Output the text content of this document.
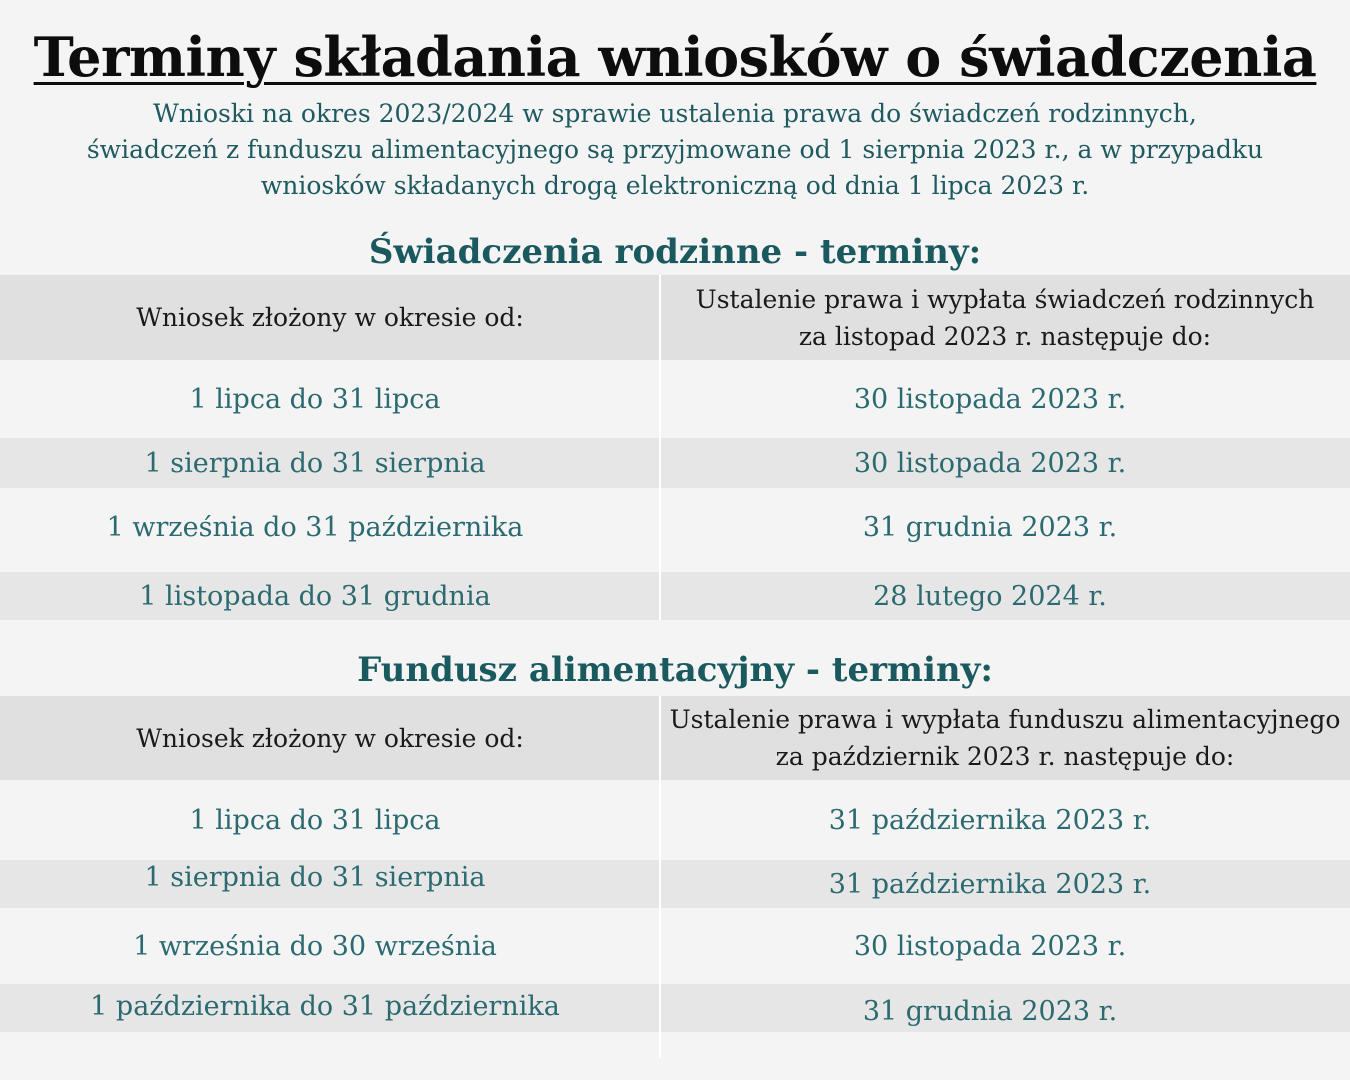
Terminy składania wniosków o świadczenia
Wnioski na okres 2023/2024 w sprawie ustalenia prawa do świadczeń rodzinnych,
świadczeń z funduszu alimentacyjnego są przyjmowane od 1 sierpnia 2023 r., a w przypadku
wniosków składanych drogą elektroniczną od dnia 1 lipca 2023 r.
Świadczenia rodzinne - terminy:
Wniosek złożony w okresie od:
Ustalenie prawa i wypłata świadczeń rodzinnych
za listopad 2023 r. następuje do:
1 lipca do 31 lipca	30 listopada 2023 r.
1 sierpnia do 31 sierpnia	30 listopada 2023 r.
1 września do 31 października	31 grudnia 2023 r.
1 listopada do 31 grudnia	28 lutego 2024 r.
Fundusz alimentacyjny - terminy:
Wniosek złożony w okresie od:
Ustalenie prawa i wypłata funduszu alimentacyjnego
za październik 2023 r. następuje do:
1 lipca do 31 lipca	31 października 2023 r.
1 sierpnia do 31 sierpnia	31 października 2023 r.
1 września do 30 września	30 listopada 2023 r.
1 października do 31 października	31 grudnia 2023 r.
